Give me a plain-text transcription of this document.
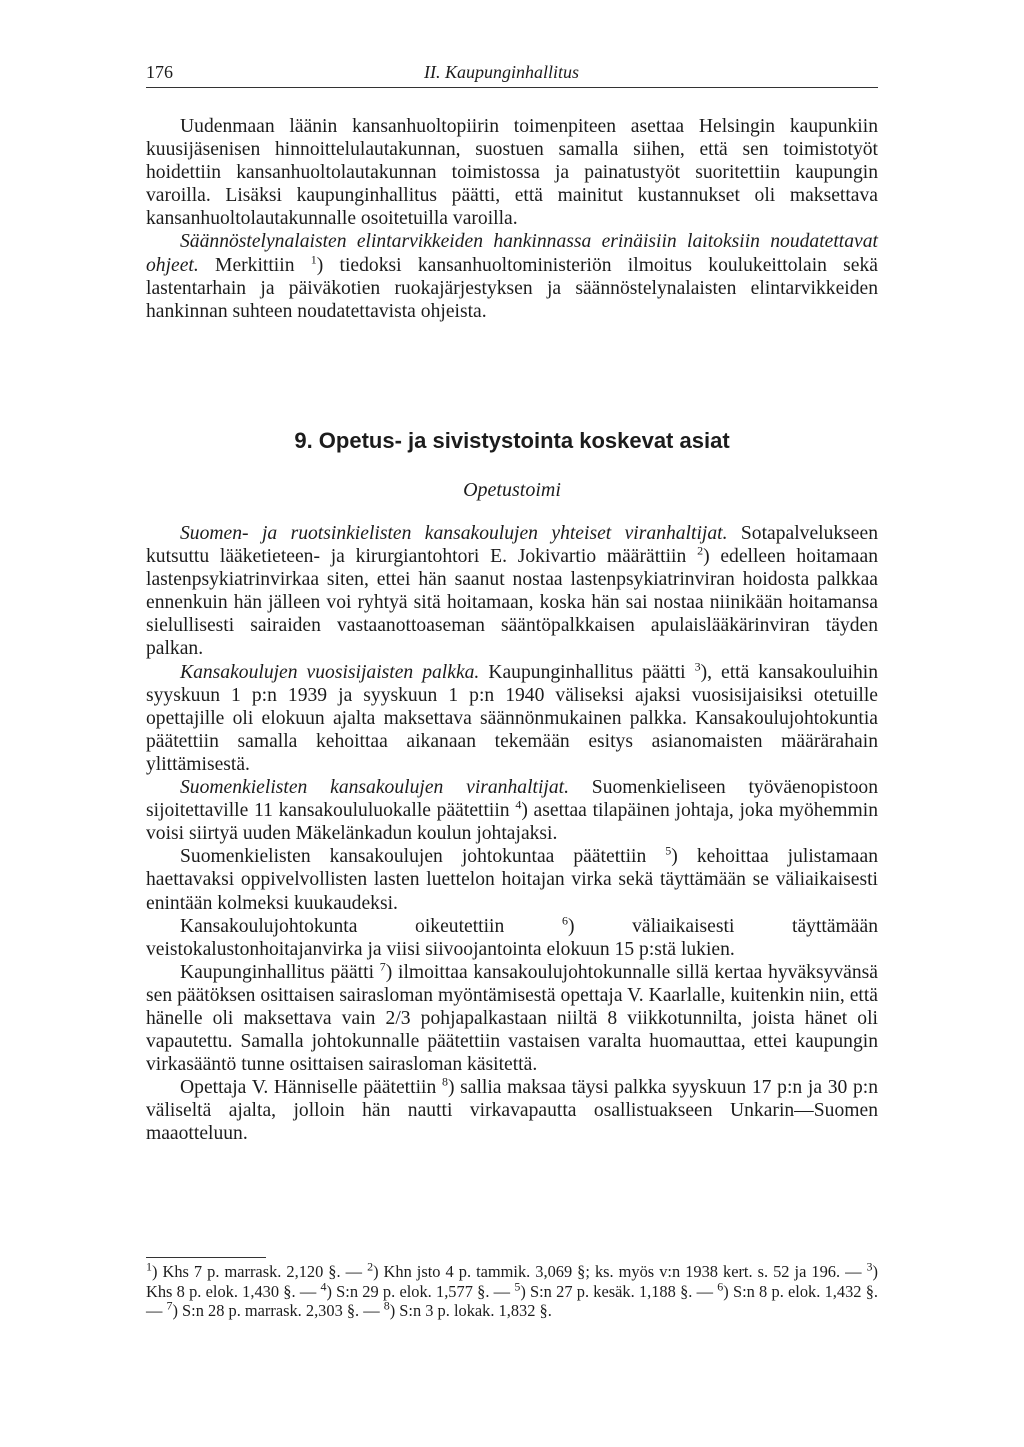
176	II. Kaupunginhallitus

Uudenmaan läänin kansanhuoltopiirin toimenpiteen asettaa Helsingin kaupunkiin kuusijäsenisen hinnoittelulautakunnan, suostuen samalla siihen, että sen toimistotyöt hoidettiin kansanhuoltolautakunnan toimistossa ja painatustyöt suoritettiin kaupungin varoilla. Lisäksi kaupunginhallitus päätti, että mainitut kustannukset oli maksettava kansanhuoltolautakunnalle osoitetuilla varoilla.

Säännöstelynalaisten elintarvikkeiden hankinnassa erinäisiin laitoksiin noudatettavat ohjeet. Merkittiin $^1$) tiedoksi kansanhuoltoministeriön ilmoitus koulukeittolain sekä lastentarhain ja päiväkotien ruokajärjestyksen ja säännöstelynalaisten elintarvikkeiden hankinnan suhteen noudatettavista ohjeista.

9. Opetus- ja sivistystointa koskevat asiat
Opetustoimi

Suomen- ja ruotsinkielisten kansakoulujen yhteiset viranhaltijat. Sotapalvelukseen kutsuttu lääketieteen- ja kirurgiantohtori E. Jokivartio määrättiin $^2$) edelleen hoitamaan lastenpsykiatrinvirkaa siten, ettei hän saanut nostaa lastenpsykiatrinviran hoidosta palkkaa ennenkuin hän jälleen voi ryhtyä sitä hoitamaan, koska hän sai nostaa niinikään hoitamansa sielullisesti sairaiden vastaanottoaseman sääntöpalkkaisen apulaislääkärinviran täyden palkan.

Kansakoulujen vuosisijaisten palkka. Kaupunginhallitus päätti $^3$), että kansakouluihin syyskuun 1 p:n 1939 ja syyskuun 1 p:n 1940 väliseksi ajaksi vuosisijaisiksi otetuille opettajille oli elokuun ajalta maksettava säännönmukainen palkka. Kansakoulujohtokuntia päätettiin samalla kehoittaa aikanaan tekemään esitys asianomaisten määrärahain ylittämisestä.

Suomenkielisten kansakoulujen viranhaltijat. Suomenkieliseen työväenopistoon sijoitettaville 11 kansakoululuokalle päätettiin $^4$) asettaa tilapäinen johtaja, joka myöhemmin voisi siirtyä uuden Mäkelänkadun koulun johtajaksi.

Suomenkielisten kansakoulujen johtokuntaa päätettiin $^5$) kehoittaa julistamaan haettavaksi oppivelvollisten lasten luettelon hoitajan virka sekä täyttämään se väliaikaisesti enintään kolmeksi kuukaudeksi.

Kansakoulujohtokunta oikeutettiin $^6$) väliaikaisesti täyttämään veistokalustonhoitajanvirka ja viisi siivoojantointa elokuun 15 p:stä lukien.

Kaupunginhallitus päätti $^7$) ilmoittaa kansakoulujohtokunnalle sillä kertaa hyväksyvänsä sen päätöksen osittaisen sairasloman myöntämisestä opettaja V. Kaarlalle, kuitenkin niin, että hänelle oli maksettava vain 2/3 pohjapalkastaan niiltä 8 viikkotunnilta, joista hänet oli vapautettu. Samalla johtokunnalle päätettiin vastaisen varalta huomauttaa, ettei kaupungin virkasääntö tunne osittaisen sairasloman käsitettä.

Opettaja V. Hänniselle päätettiin $^8$) sallia maksaa täysi palkka syyskuun 17 p:n ja 30 p:n väliseltä ajalta, jolloin hän nautti virkavapautta osallistuakseen Unkarin—Suomen maaotteluun.

$^1$) Khs 7 p. marrask. 2,120 §. — $^2$) Khn jsto 4 p. tammik. 3,069 §; ks. myös v:n 1938 kert. s. 52 ja 196. — $^3$) Khs 8 p. elok. 1,430 §. — $^4$) S:n 29 p. elok. 1,577 §. — $^5$) S:n 27 p. kesäk. 1,188 §. — $^6$) S:n 8 p. elok. 1,432 §. — $^7$) S:n 28 p. marrask. 2,303 §. — $^8$) S:n 3 p. lokak. 1,832 §.
